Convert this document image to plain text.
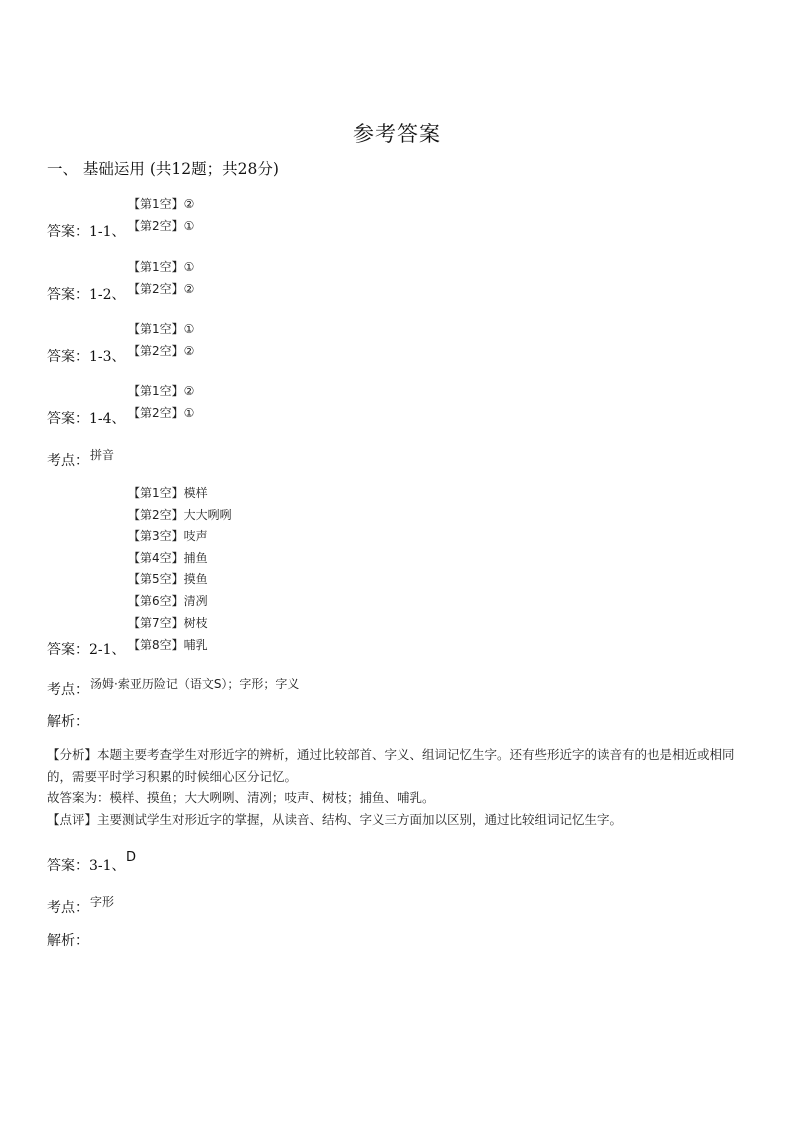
参考答案
一、 基础运用 (共12题；共28分)
【第1空】②
【第2空】①
答案：1-1、
【第1空】①
【第2空】②
答案：1-2、
【第1空】①
【第2空】②
答案：1-3、
【第1空】②
【第2空】①
答案：1-4、
考点： 拼音
【第1空】模样
【第2空】大大咧咧
【第3空】吱声
【第4空】捕鱼
【第5空】摸鱼
【第6空】清冽
【第7空】树枝
【第8空】哺乳
答案：2-1、
考点： 汤姆·索亚历险记（语文S）；字形；字义
解析：
【分析】本题主要考查学生对形近字的辨析，通过比较部首、字义、组词记忆生字。还有些形近字的读音有的也是相近或相同
的，需要平时学习积累的时候细心区分记忆。
故答案为：模样、摸鱼；大大咧咧、清冽；吱声、树枝；捕鱼、哺乳。
【点评】主要测试学生对形近字的掌握，从读音、结构、字义三方面加以区别，通过比较组词记忆生字。
答案：3-1、
D
考点： 字形
解析：
